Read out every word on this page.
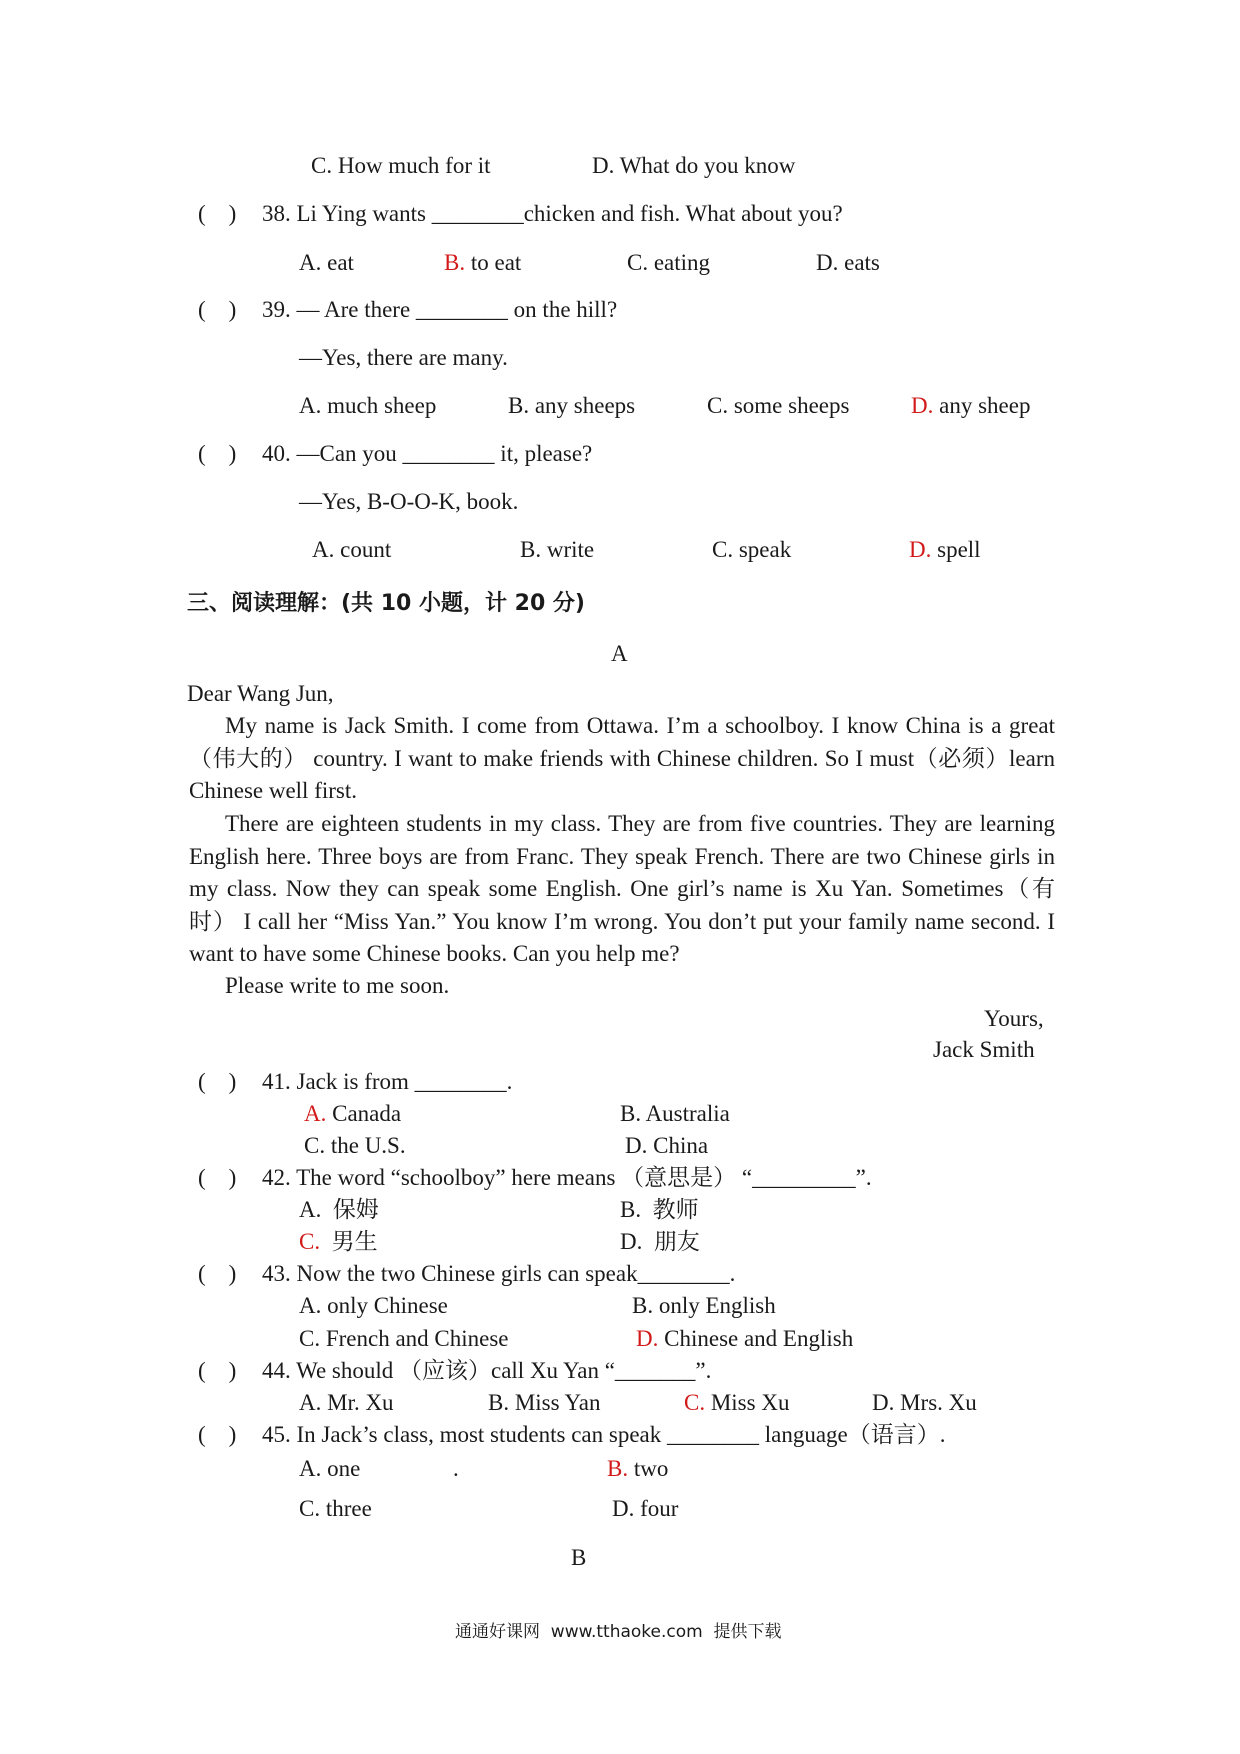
C. How much for it	D. What do you know
(    ) 38. Li Ying wants ________chicken and fish. What about you?
A. eat	B. to eat	C. eating	D. eats
(    ) 39. — Are there ________ on the hill?
—Yes, there are many.
A. much sheep	B. any sheeps	C. some sheeps	D. any sheep
(    ) 40. —Can you ________ it, please?
—Yes, B-O-O-K, book.
A. count	B. write	C. speak	D. spell
三、阅读理解：(共 10 小题，计 20 分)
A
Dear Wang Jun,
My name is Jack Smith. I come from Ottawa. I’m a schoolboy. I know China is a great（伟大的） country. I want to make friends with Chinese children. So I must（必须）learn Chinese well first.
There are eighteen students in my class. They are from five countries. They are learning English here. Three boys are from Franc. They speak French. There are two Chinese girls in my class. Now they can speak some English. One girl’s name is Xu Yan. Sometimes（有时） I call her “Miss Yan.” You know I’m wrong. You don’t put your family name second. I want to have some Chinese books. Can you help me?
Please write to me soon.
Yours,
Jack Smith
(    ) 41. Jack is from ________.
A. Canada	B. Australia
C. the U.S.	D. China
(    ) 42. The word “schoolboy” here means （意思是） “_________”.
A.  保姆	B.  教师
C.  男生	D.  朋友
(    ) 43. Now the two Chinese girls can speak________.
A. only Chinese	B. only English
C. French and Chinese	D. Chinese and English
(    ) 44. We should （应该）call Xu Yan “_______”.
A. Mr. Xu	B. Miss Yan	C. Miss Xu	D. Mrs. Xu
(    ) 45. In Jack’s class, most students can speak ________ language（语言）.
A. one	.	B. two
C. three	D. four
B
通通好课网  www.tthaoke.com  提供下载
